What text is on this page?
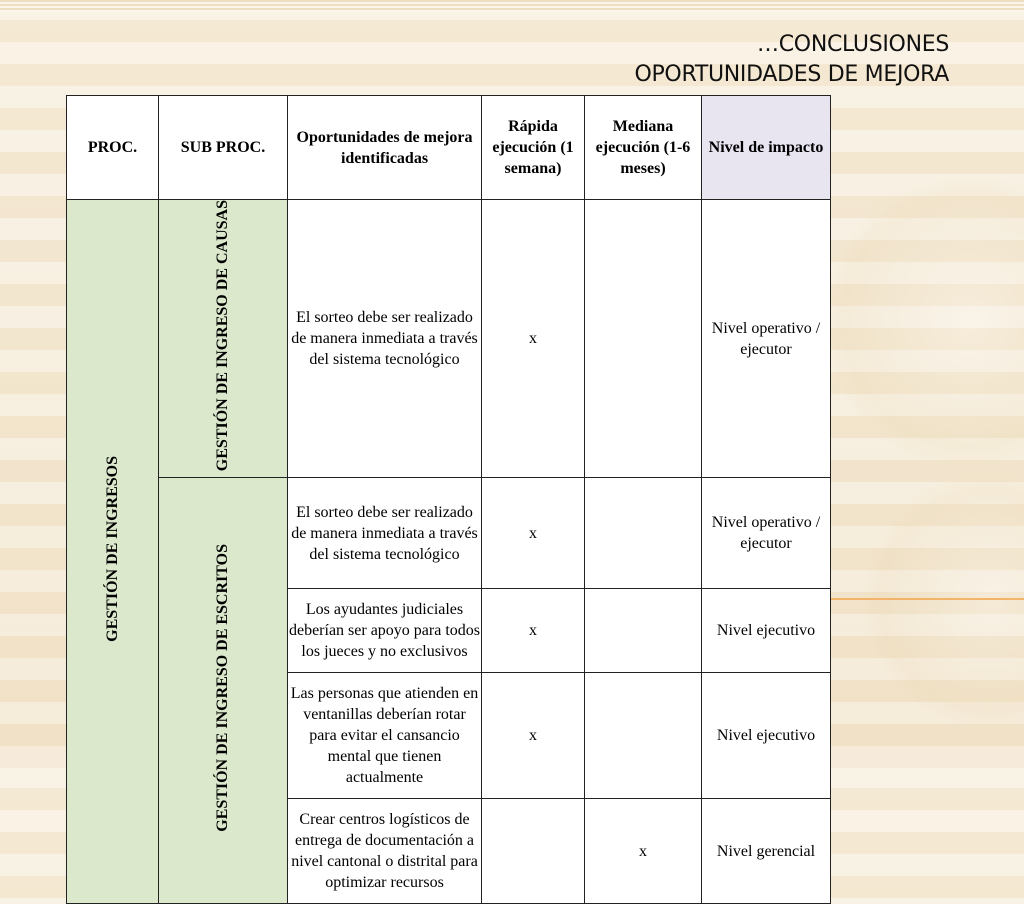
…CONCLUSIONES
OPORTUNIDADES DE MEJORA
PROC.	SUB PROC.	Oportunidades de mejora identificadas	Rápida ejecución (1 semana)	Mediana ejecución (1-6 meses)	Nivel de impacto
GESTIÓN DE INGRESOS	GESTIÓN DE INGRESO DE CAUSAS	El sorteo debe ser realizado de manera inmediata a través del sistema tecnológico	x		Nivel operativo / ejecutor
	GESTIÓN DE INGRESO DE ESCRITOS	El sorteo debe ser realizado de manera inmediata a través del sistema tecnológico	x		Nivel operativo / ejecutor
		Los ayudantes judiciales deberían ser apoyo para todos los jueces y no exclusivos	x		Nivel ejecutivo
		Las personas que atienden en ventanillas deberían rotar para evitar el cansancio mental que tienen actualmente	x		Nivel ejecutivo
		Crear centros logísticos de entrega de documentación a nivel cantonal o distrital para optimizar recursos		x	Nivel gerencial
